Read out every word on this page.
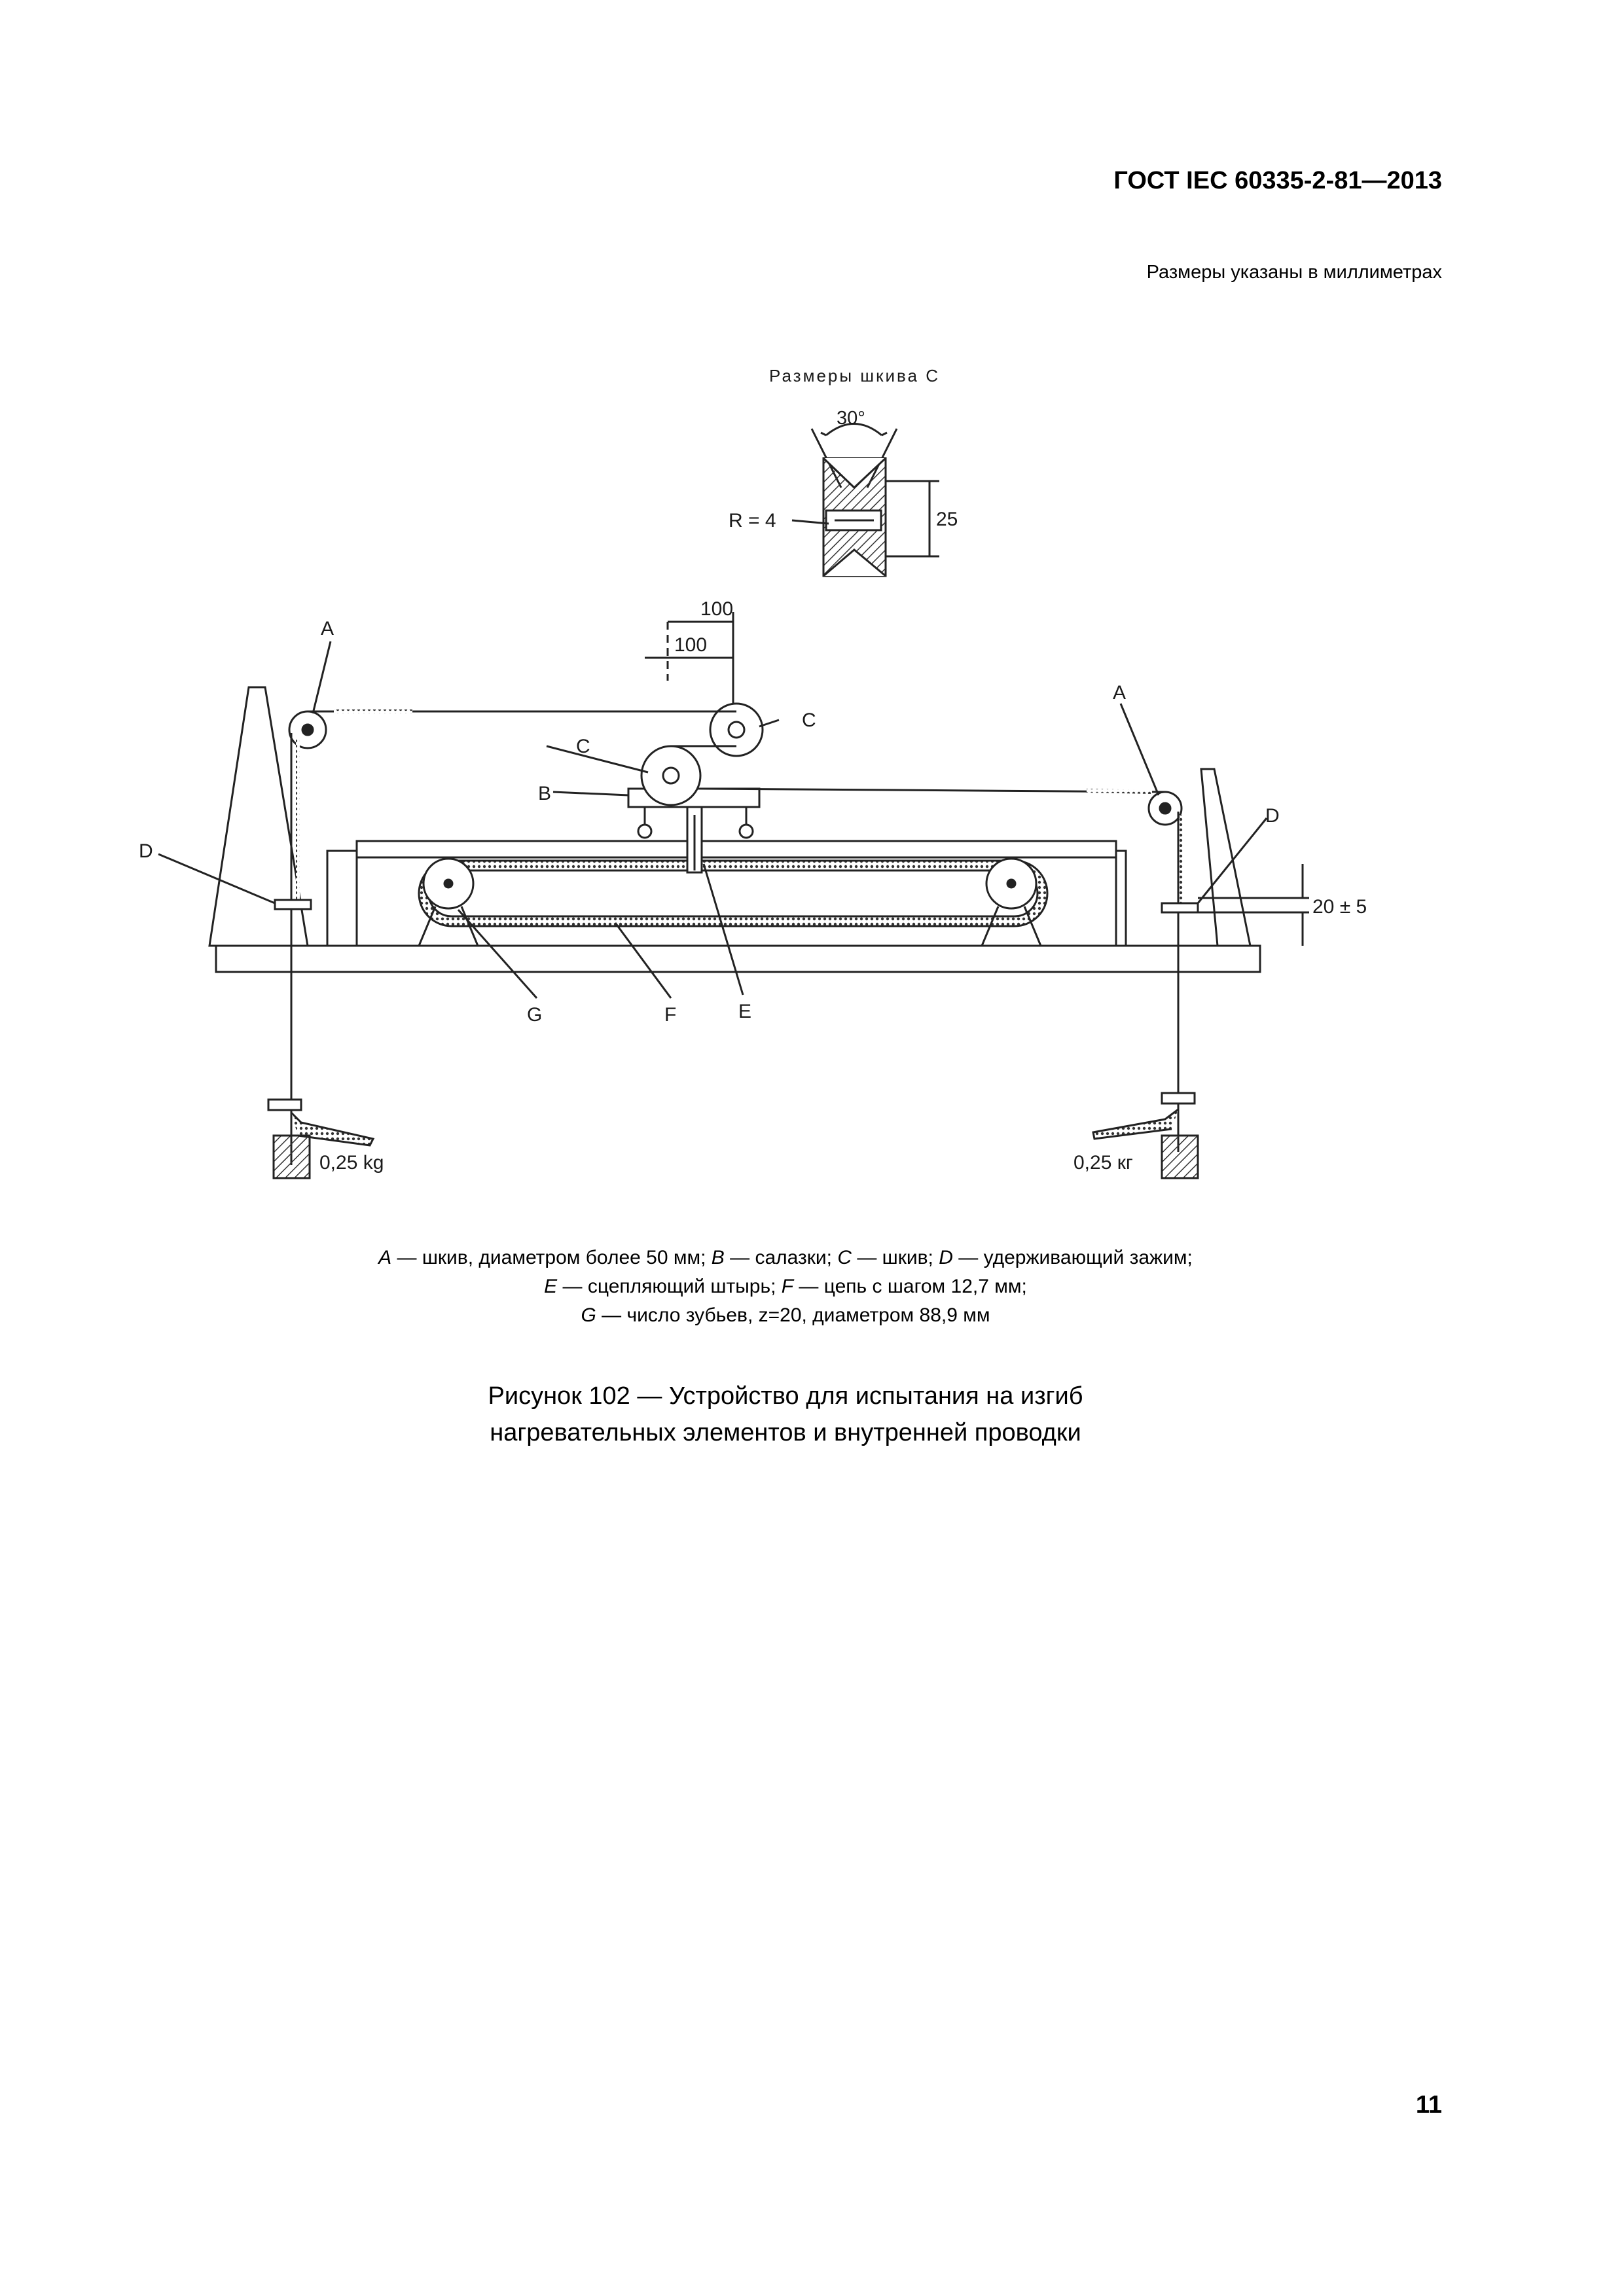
ГОСТ IEC 60335-2-81—2013
Размеры указаны в миллиметрах
Размеры шкива С
30°
R = 4	25
100
100
20 ± 5
0,25 kg	0,25 кг
A
A
B
C
C
D
D
E
F
G
A — шкив, диаметром более 50 мм; B — салазки; C — шкив; D — удерживающий зажим;
E — сцепляющий штырь; F — цепь с шагом 12,7 мм;
G — число зубьев, z=20, диаметром 88,9 мм
Рисунок 102 — Устройство для испытания на изгиб
нагревательных элементов и внутренней проводки
11
